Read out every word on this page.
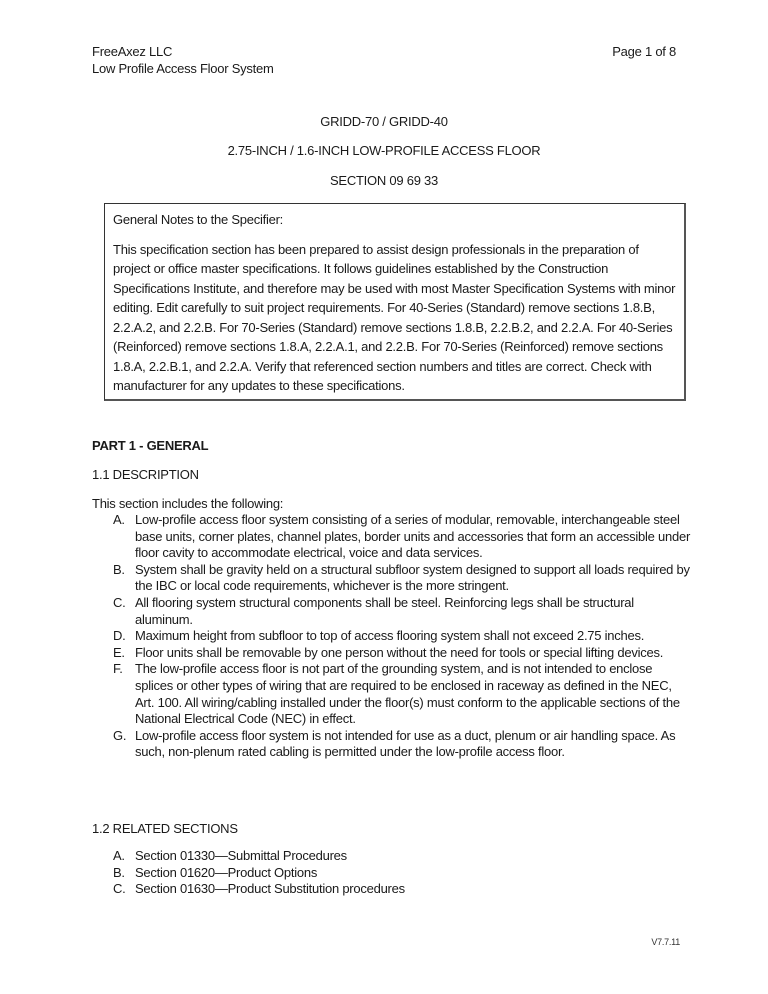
FreeAxez LLC
Low Profile Access Floor System
Page 1 of 8
GRIDD-70 / GRIDD-40
2.75-INCH / 1.6-INCH LOW-PROFILE ACCESS FLOOR
SECTION 09 69 33
General Notes to the Specifier:
This specification section has been prepared to assist design professionals in the preparation of project or office master specifications. It follows guidelines established by the Construction Specifications Institute, and therefore may be used with most Master Specification Systems with minor editing. Edit carefully to suit project requirements. For 40-Series (Standard) remove sections 1.8.B, 2.2.A.2, and 2.2.B. For 70-Series (Standard) remove sections 1.8.B, 2.2.B.2, and 2.2.A. For 40-Series (Reinforced) remove sections 1.8.A, 2.2.A.1, and 2.2.B. For 70-Series (Reinforced) remove sections 1.8.A, 2.2.B.1, and 2.2.A. Verify that referenced section numbers and titles are correct. Check with manufacturer for any updates to these specifications.
PART 1 - GENERAL
1.1 DESCRIPTION
This section includes the following:
A. Low-profile access floor system consisting of a series of modular, removable, interchangeable steel base units, corner plates, channel plates, border units and accessories that form an accessible under floor cavity to accommodate electrical, voice and data services.
B. System shall be gravity held on a structural subfloor system designed to support all loads required by the IBC or local code requirements, whichever is the more stringent.
C. All flooring system structural components shall be steel. Reinforcing legs shall be structural aluminum.
D. Maximum height from subfloor to top of access flooring system shall not exceed 2.75 inches.
E. Floor units shall be removable by one person without the need for tools or special lifting devices.
F. The low-profile access floor is not part of the grounding system, and is not intended to enclose splices or other types of wiring that are required to be enclosed in raceway as defined in the NEC, Art. 100. All wiring/cabling installed under the floor(s) must conform to the applicable sections of the National Electrical Code (NEC) in effect.
G. Low-profile access floor system is not intended for use as a duct, plenum or air handling space. As such, non-plenum rated cabling is permitted under the low-profile access floor.
1.2 RELATED SECTIONS
A. Section 01330—Submittal Procedures
B. Section 01620—Product Options
C. Section 01630—Product Substitution procedures
V7.7.11
